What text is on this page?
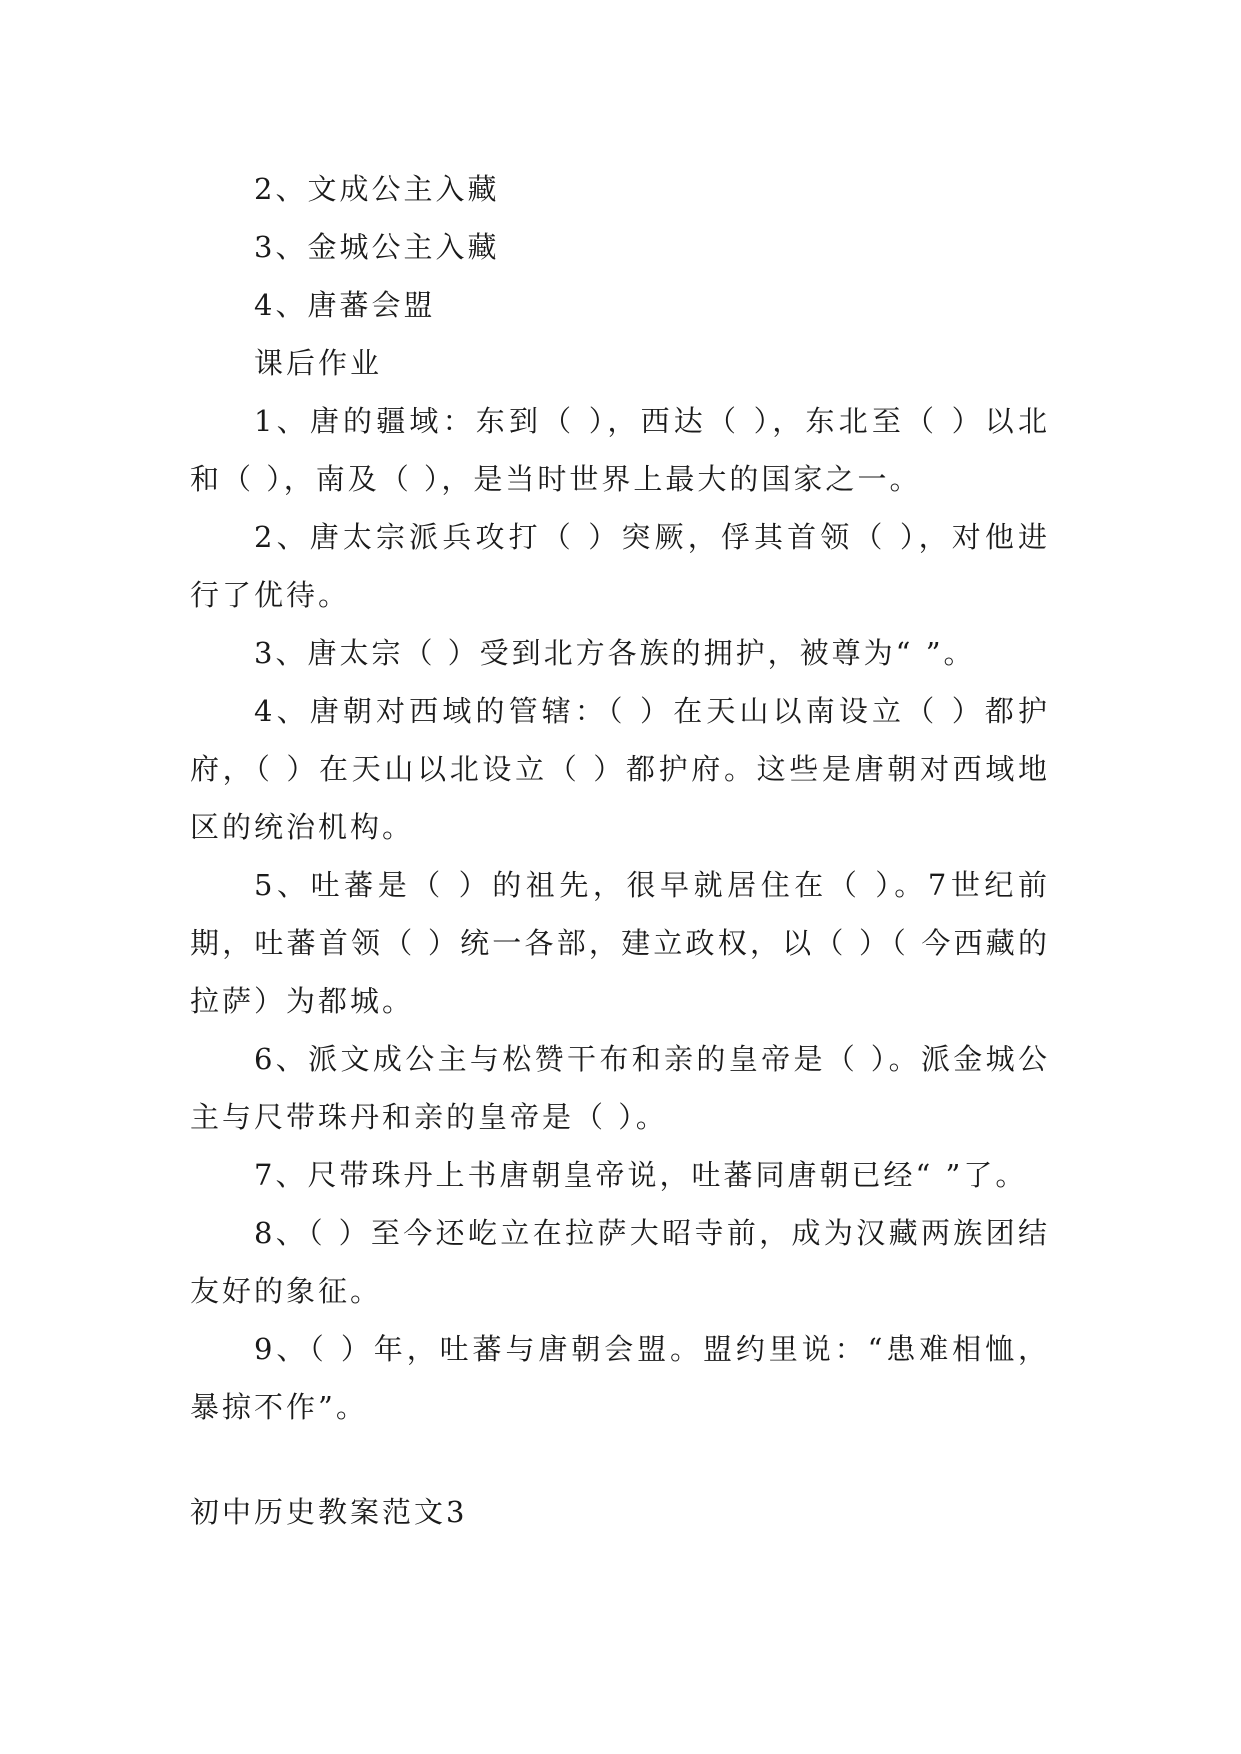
2、文成公主入藏

3、金城公主入藏

4、唐蕃会盟

课后作业

1、唐的疆域：东到（ ），西达（ ），东北至（ ）以北和（ ），南及（ ），是当时世界上最大的国家之一。

2、唐太宗派兵攻打（ ）突厥，俘其首领（ ），对他进行了优待。

3、唐太宗（ ）受到北方各族的拥护，被尊为“ ”。

4、唐朝对西域的管辖：（ ）在天山以南设立（ ）都护府，（ ）在天山以北设立（ ）都护府。这些是唐朝对西域地区的统治机构。

5、吐蕃是（ ）的祖先，很早就居住在（ ）。7世纪前期，吐蕃首领（ ）统一各部，建立政权，以（ ）（ 今西藏的拉萨）为都城。

6、派文成公主与松赞干布和亲的皇帝是（ ）。派金城公主与尺带珠丹和亲的皇帝是（ ）。

7、尺带珠丹上书唐朝皇帝说，吐蕃同唐朝已经“ ”了。

8、（ ）至今还屹立在拉萨大昭寺前，成为汉藏两族团结友好的象征。

9、（ ）年，吐蕃与唐朝会盟。盟约里说：“患难相恤，暴掠不作”。

初中历史教案范文3
